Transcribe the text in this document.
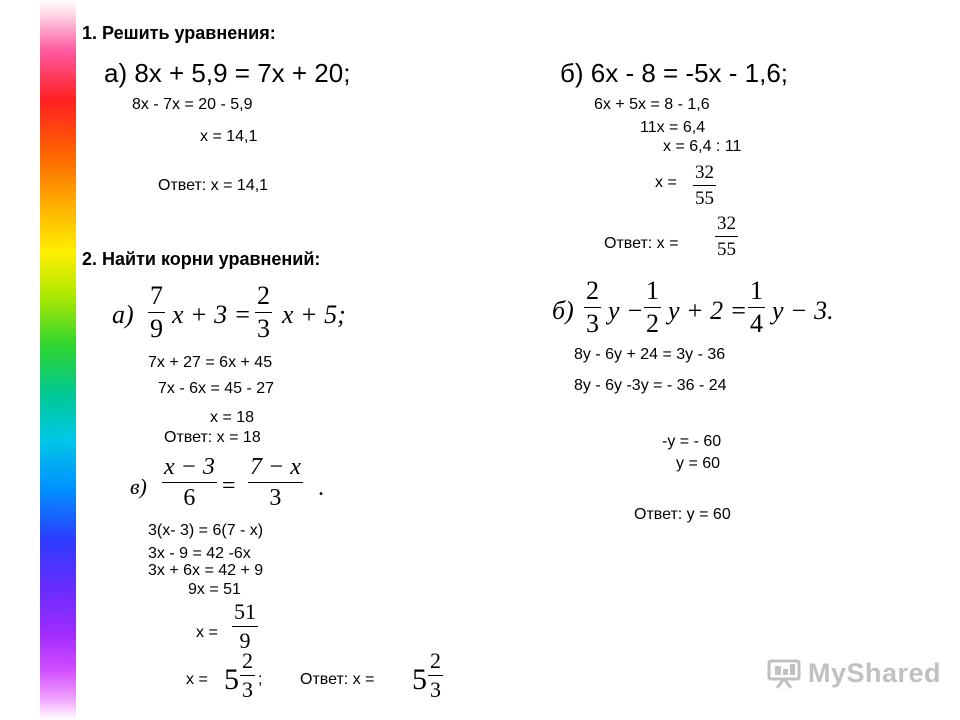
1. Решить уравнения:
а) 8х + 5,9 = 7х + 20;
8х - 7х = 20 - 5,9
х = 14,1
Ответ: х = 14,1
б) 6х - 8 = -5х - 1,6;
6х + 5х = 8 - 1,6
11х = 6,4
х = 6,4 : 11
х = 32
55
Ответ: х =
32
55
2. Найти корни уравнений:
а)
7
9 x + 3 =
2
3 x + 5;
7х + 27 = 6х + 45
7х - 6х = 45 - 27
х = 18
Ответ: х = 18
в)
x − 3
6 =
7 − x
3 .
3(х- 3) = 6(7 - х)
3х - 9 = 42 -6х
3х + 6х = 42 + 9
9х = 51
х =
51
9
х = 5
2
3 ; Ответ: х = 5
2
3
б)
2
3 y −
1
2 y + 2 =
1
4 y − 3.
8у - 6у + 24 = 3у - 36
8у - 6у -3у = - 36 - 24
-у = - 60
у = 60
Ответ: у = 60
MyShared
